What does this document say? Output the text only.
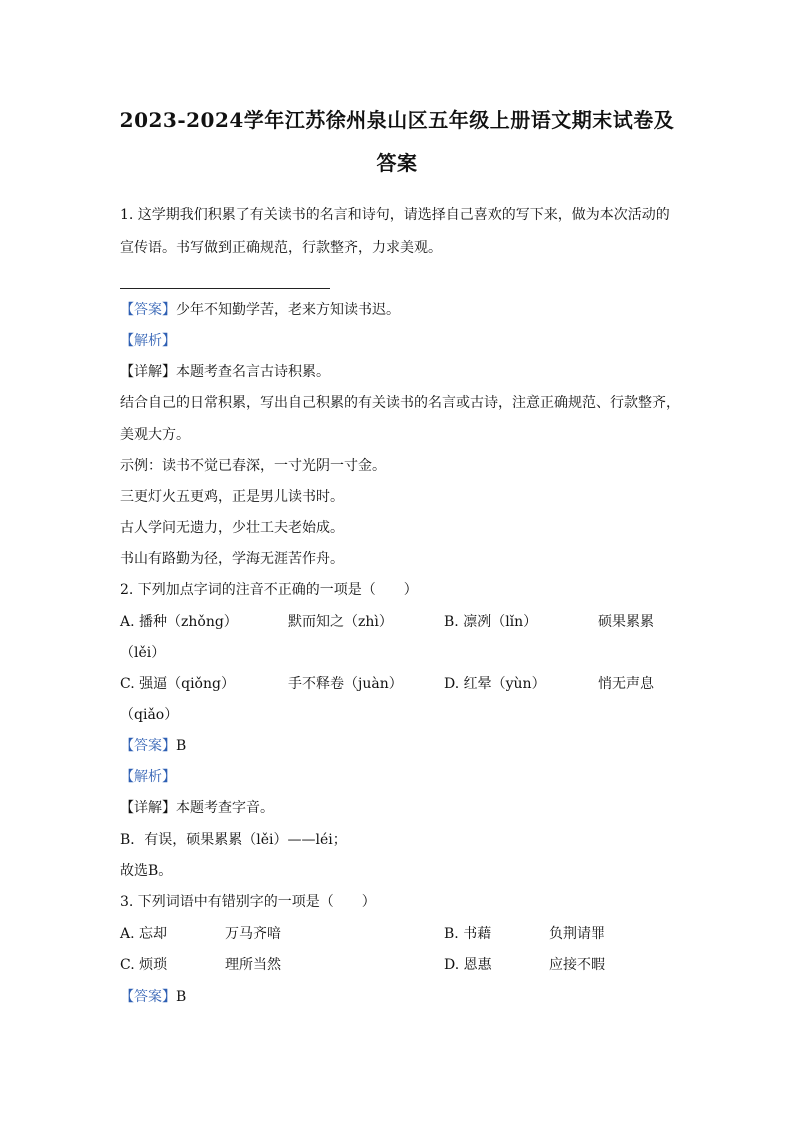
2023-2024学年江苏徐州泉山区五年级上册语文期末试卷及
答案
1. 这学期我们积累了有关读书的名言和诗句，请选择自己喜欢的写下来，做为本次活动的
宣传语。书写做到正确规范，行款整齐，力求美观。
【答案】少年不知勤学苦，老来方知读书迟。
【解析】
【详解】本题考查名言古诗积累。
结合自己的日常积累，写出自己积累的有关读书的名言或古诗，注意正确规范、行款整齐，
美观大方。
示例：读书不觉已春深，一寸光阴一寸金。
三更灯火五更鸡，正是男儿读书时。
古人学问无遗力，少壮工夫老始成。
书山有路勤为径，学海无涯苦作舟。
2. 下列加点字词的注音不正确的一项是（　　）
A. 播种（zhǒng）	默而知之（zhì）	B. 凛冽（lǐn）	硕果累累
（lěi）
C. 强逼（qiǒng）	手不释卷（juàn）	D. 红晕（yùn）	悄无声息
（qiǎo）
【答案】B
【解析】
【详解】本题考查字音。
B．有误，硕果累累（lěi）——léi；
故选B。
3. 下列词语中有错别字的一项是（　　）
A. 忘却	万马齐喑	B. 书藉	负荆请罪
C. 烦琐	理所当然	D. 恩惠	应接不暇
【答案】B
